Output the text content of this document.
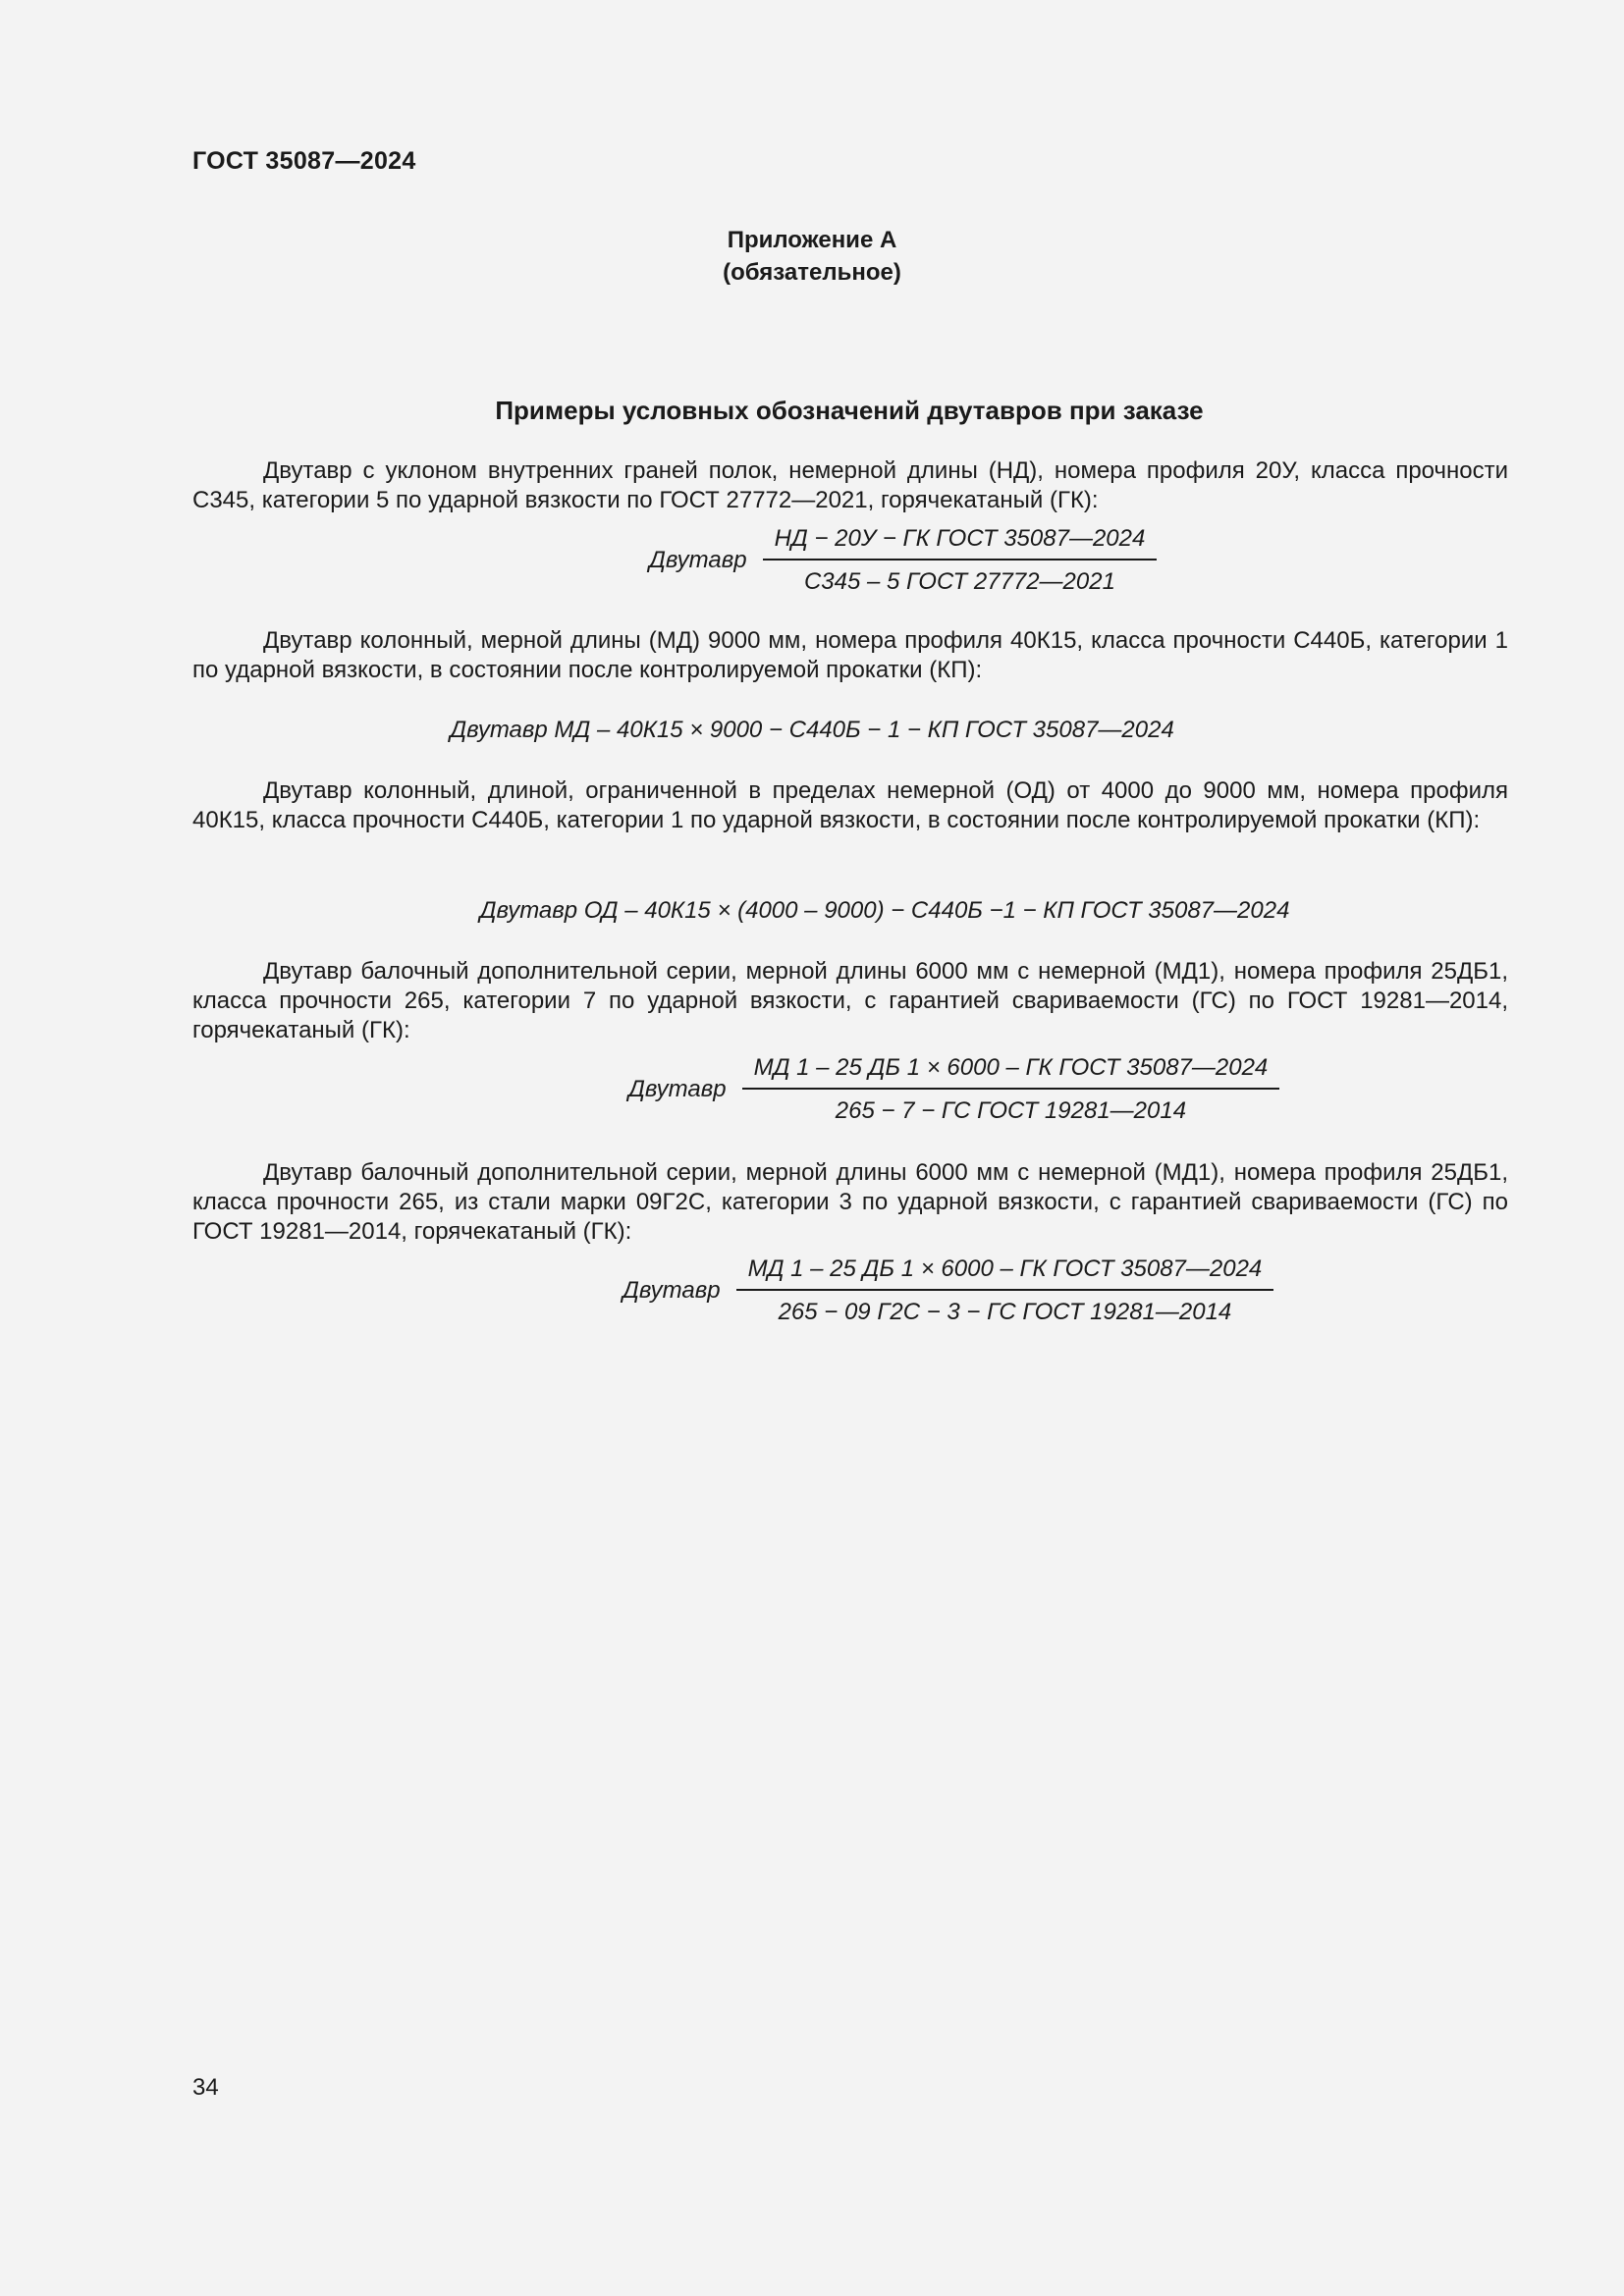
ГОСТ 35087—2024
Приложение А
(обязательное)
Примеры условных обозначений двутавров при заказе

Двутавр с уклоном внутренних граней полок, немерной длины (НД), номера профиля 20У, класса прочности С345, категории 5 по ударной вязкости по ГОСТ 27772—2021, горячекатаный (ГК):

Двутавр $\frac{\text{НД − 20У − ГК ГОСТ 35087—2024}}{\text{С345 – 5 ГОСТ 27772—2021}}$

Двутавр колонный, мерной длины (МД) 9000 мм, номера профиля 40К15, класса прочности С440Б, категории 1 по ударной вязкости, в состоянии после контролируемой прокатки (КП):

Двутавр МД – 40К15 × 9000 − С440Б − 1 − КП ГОСТ 35087—2024

Двутавр колонный, длиной, ограниченной в пределах немерной (ОД) от 4000 до 9000 мм, номера профиля 40К15, класса прочности С440Б, категории 1 по ударной вязкости, в состоянии после контролируемой прокатки (КП):

Двутавр ОД – 40К15 × (4000 – 9000) − С440Б −1 − КП ГОСТ 35087—2024

Двутавр балочный дополнительной серии, мерной длины 6000 мм с немерной (МД1), номера профиля 25ДБ1, класса прочности 265, категории 7 по ударной вязкости, с гарантией свариваемости (ГС) по ГОСТ 19281—2014, горячекатаный (ГК):

Двутавр $\frac{\text{МД 1 – 25 ДБ 1 × 6000 – ГК ГОСТ 35087—2024}}{\text{265 − 7 − ГС ГОСТ 19281—2014}}$

Двутавр балочный дополнительной серии, мерной длины 6000 мм с немерной (МД1), номера профиля 25ДБ1, класса прочности 265, из стали марки 09Г2С, категории 3 по ударной вязкости, с гарантией свариваемости (ГС) по ГОСТ 19281—2014, горячекатаный (ГК):

Двутавр $\frac{\text{МД 1 – 25 ДБ 1 × 6000 – ГК ГОСТ 35087—2024}}{\text{265 − 09 Г2С − 3 − ГС ГОСТ 19281—2014}}$
34
